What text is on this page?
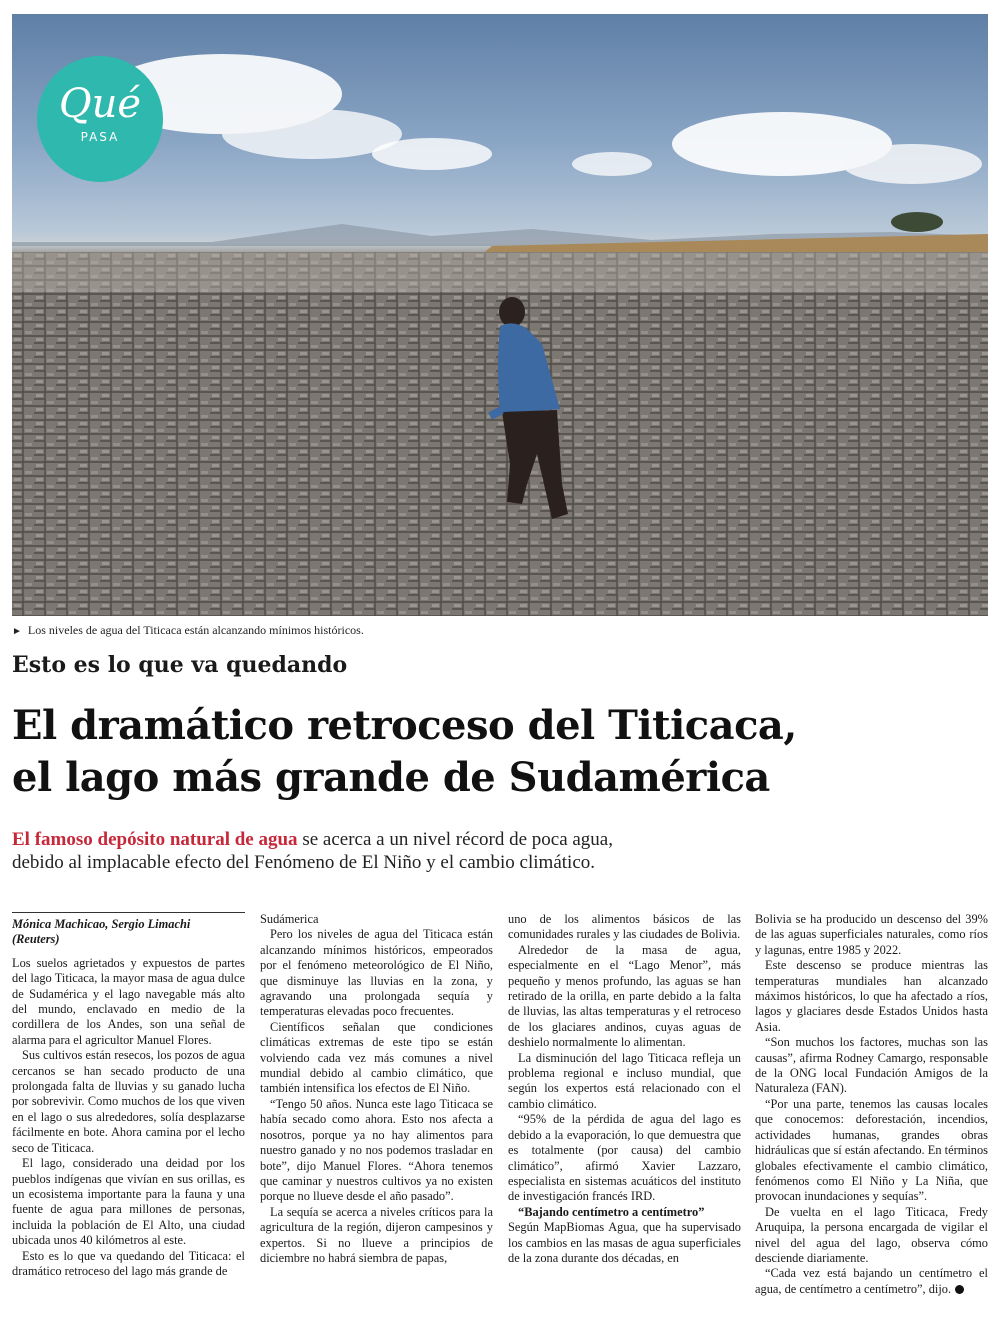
Qué
PASA
► Los niveles de agua del Titicaca están alcanzando mínimos históricos.
Esto es lo que va quedando
El dramático retroceso del Titicaca,
el lago más grande de Sudamérica
El famoso depósito natural de agua se acerca a un nivel récord de poca agua,
debido al implacable efecto del Fenómeno de El Niño y el cambio climático.
Mónica Machicao, Sergio Limachi
(Reuters)

Los suelos agrietados y expuestos de partes del lago Titicaca, la mayor masa de agua dulce de Sudamérica y el lago navegable más alto del mundo, enclavado en medio de la cordillera de los Andes, son una señal de alarma para el agricultor Manuel Flores.

Sus cultivos están resecos, los pozos de agua cercanos se han secado producto de una prolongada falta de lluvias y su ganado lucha por sobrevivir. Como muchos de los que viven en el lago o sus alrededores, solía desplazarse fácilmente en bote. Ahora camina por el lecho seco de Titicaca.

El lago, considerado una deidad por los pueblos indígenas que vivían en sus orillas, es un ecosistema importante para la fauna y una fuente de agua para millones de personas, incluida la población de El Alto, una ciudad ubicada unos 40 kilómetros al este.

Esto es lo que va quedando del Titicaca: el dramático retroceso del lago más grande de

Sudámerica

Pero los niveles de agua del Titicaca están alcanzando mínimos históricos, empeorados por el fenómeno meteorológico de El Niño, que disminuye las lluvias en la zona, y agravando una prolongada sequía y temperaturas elevadas poco frecuentes.

Científicos señalan que condiciones climáticas extremas de este tipo se están volviendo cada vez más comunes a nivel mundial debido al cambio climático, que también intensifica los efectos de El Niño.

“Tengo 50 años. Nunca este lago Titicaca se había secado como ahora. Esto nos afecta a nosotros, porque ya no hay alimentos para nuestro ganado y no nos podemos trasladar en bote”, dijo Manuel Flores. “Ahora tenemos que caminar y nuestros cultivos ya no existen porque no llueve desde el año pasado”.

La sequía se acerca a niveles críticos para la agricultura de la región, dijeron campesinos y expertos. Si no llueve a principios de diciembre no habrá siembra de papas,

uno de los alimentos básicos de las comunidades rurales y las ciudades de Bolivia.

Alrededor de la masa de agua, especialmente en el “Lago Menor”, más pequeño y menos profundo, las aguas se han retirado de la orilla, en parte debido a la falta de lluvias, las altas temperaturas y el retroceso de los glaciares andinos, cuyas aguas de deshielo normalmente lo alimentan.

La disminución del lago Titicaca refleja un problema regional e incluso mundial, que según los expertos está relacionado con el cambio climático.

“95% de la pérdida de agua del lago es debido a la evaporación, lo que demuestra que es totalmente (por causa) del cambio climático”, afirmó Xavier Lazzaro, especialista en sistemas acuáticos del instituto de investigación francés IRD.

“Bajando centímetro a centímetro”

Según MapBiomas Agua, que ha supervisado los cambios en las masas de agua superficiales de la zona durante dos décadas, en

Bolivia se ha producido un descenso del 39% de las aguas superficiales naturales, como ríos y lagunas, entre 1985 y 2022.

Este descenso se produce mientras las temperaturas mundiales han alcanzado máximos históricos, lo que ha afectado a ríos, lagos y glaciares desde Estados Unidos hasta Asia.

“Son muchos los factores, muchas son las causas”, afirma Rodney Camargo, responsable de la ONG local Fundación Amigos de la Naturaleza (FAN).

“Por una parte, tenemos las causas locales que conocemos: deforestación, incendios, actividades humanas, grandes obras hidráulicas que sí están afectando. En términos globales efectivamente el cambio climático, fenómenos como El Niño y La Niña, que provocan inundaciones y sequías”.

De vuelta en el lago Titicaca, Fredy Aruquipa, la persona encargada de vigilar el nivel del agua del lago, observa cómo desciende diariamente.

“Cada vez está bajando un centímetro el agua, de centímetro a centímetro”, dijo.
